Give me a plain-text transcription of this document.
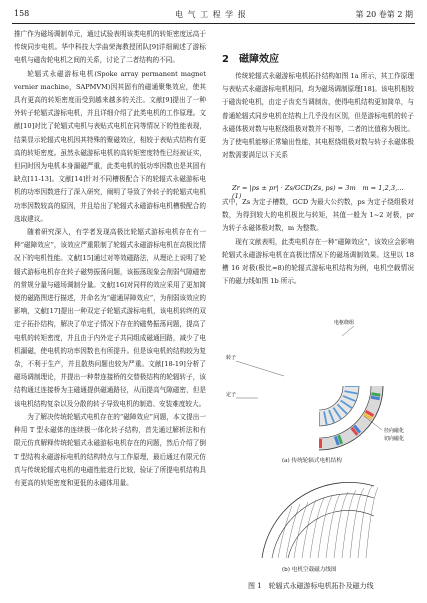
158	电 气 工 程 学 报	第 20 卷第 2 期

推广作为磁场调制单元，通过试验表明该类电机的转矩密度远高于传统同步电机。华中科技大学曲荣海教授团队[9]详细阐述了游标电机与磁齿轮电机之间的关系，讨论了二者结构的不同。

轮辐式永磁游标电机(Spoke array permanent magnet vernier machine，SAPMVM)因其固有的磁通聚集效应，使其具有更高的转矩密度而受到越来越多的关注。文献[9]提出了一种外转子轮辐式游标电机，并且详细介绍了此类电机的工作原理。文献[10]对比了轮辐式电机与表贴式电机在同等情况下的性能表现，结果显示轮辐式电机因其特殊的聚磁效应，相较于表贴式结构有更高的转矩密度。虽然永磁游标电机的高转矩密度特性已经被证实，但同时因为电机本身漏磁严重，此类电机的低功率因数也是其固有缺点[11-13]。文献[14]针对不同槽极配合下的轮辐式永磁游标电机的功率因数进行了深入研究，阐明了导致了外转子的轮辐式电机功率因数较高的原因，并且给出了轮辐式永磁游标电机槽极配合的选取建议。

随着研究深入，有学者发现高极比轮辐式游标电机存在有一种“磁障效应”，该效应严重限制了轮辐式永磁游标电机在高极比情况下的电机性能。文献[15]通过对等效磁路法，从理论上说明了轮辐式游标电机存在转子磁势振荡问题，该振荡现象会削弱气隙磁密的常规分量与磁场调制分量。文献[16]对同样的效应采用了更加简便的磁路图进行描述，并命名为“磁通屏障效应”，为削弱该效应的影响，文献[17]提出一种双定子轮辐式游标电机，该电机转终的双定子拓扑结构，解决了单定子情况下存在的磁势振荡问题，提高了电机的转矩密度，并且由于内外定子共同组成磁通回路，减少了电机漏磁，使电机的功率因数也有所提升。但是该电机的结构较为复杂，不利于生产，并且散热问题也较为严重。文献[18-19]分析了磁场调制理论，并提出一种带连接桥的交替极结构的轮辐转子，该结构通过连接桥为主磁通提供磁通路径，从而提高气隙磁密，但是该电机结构复杂以及分散的转子导致电机的制造、安装难度较大。

为了解决传统轮辐式电机存在的“磁障效应”问题，本文提出一种用 T 型永磁体的连续极一体化转子结构，首先通过解析法和有限元仿真解释传统轮辐式永磁游标电机存在的问题，然后介绍了倒 T 型结构永磁游标电机的结构特点与工作原理，最后通过有限元仿真与传统轮辐式电机的电磁性能进行比较，验证了所提电机结构具有更高的转矩密度和更低的永磁体用量。

2　磁障效应

传统轮辐式永磁游标电机拓扑结构如图 1a 所示，其工作原理与表贴式永磁游标电机相同，均为磁场调制原理[18]。该电机相较于磁齿轮电机，由定子齿充当调制齿，使得电机结构更加简单，与普通轮辐式同步电机在结构上几乎没有区别，但是游标电机的转子永磁体极对数与电枢绕组极对数并不相等，二者的比值称为极比。为了使电机能够正常输出性能，其电枢绕组极对数与转子永磁体极对数需要满足以下关系

Zr = |ps ± pr| · Zs/GCD(Zs, ps) = 3m　m = 1,2,3,…　(1)

式中，Zs 为定子槽数，GCD 为最大公约数，ps 为定子绕组极对数，为得到较大的电机极比与转矩，其值一般为 1~2 对极，pr 为转子永磁体极对数，m 为整数。

现有文献表明，此类电机存在一种“磁障效应”，该效应会影响轮辐式永磁游标电机在高极比情况下的磁场调制效果。这里以 18 槽 16 对极(极比=8)的轮辐式游标电机结构为例，电机空载情况下的磁力线如图 1b 所示。

电枢绕组
转子
定子
径向磁化
切向磁化
(a) 传统轮辐式电机结构
(b) 电机空载磁力线图
图 1　轮辐式永磁游标电机拓扑及磁力线
